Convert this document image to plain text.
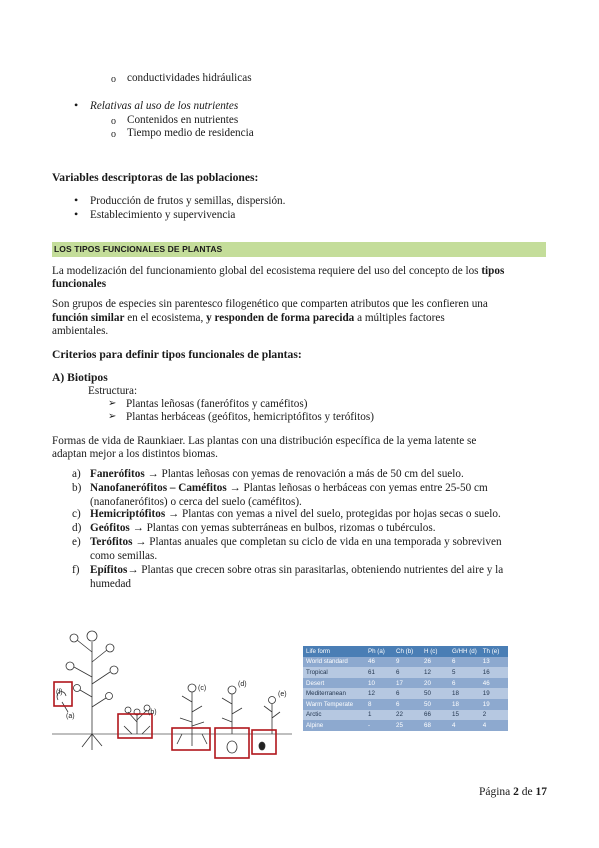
o conductividades hidráulicas
• Relativas al uso de los nutrientes
o Contenidos en nutrientes
o Tiempo medio de residencia
Variables descriptoras de las poblaciones:
• Producción de frutos y semillas, dispersión.
• Establecimiento y supervivencia
LOS TIPOS FUNCIONALES DE PLANTAS
La modelización del funcionamiento global del ecosistema requiere del uso del concepto de los tipos
funcionales
Son grupos de especies sin parentesco filogenético que comparten atributos que les confieren una
función similar en el ecosistema, y responden de forma parecida a múltiples factores
ambientales.
Criterios para definir tipos funcionales de plantas:
A) Biotipos
Estructura:
➢ Plantas leñosas (fanerófitos y caméfitos)
➢ Plantas herbáceas (geófitos, hemicriptófitos y terófitos)
Formas de vida de Raunkiaer. Las plantas con una distribución específica de la yema latente se
adaptan mejor a los distintos biomas.
a) Fanerófitos → Plantas leñosas con yemas de renovación a más de 50 cm del suelo.
b) Nanofanerófitos – Caméfitos → Plantas leñosas o herbáceas con yemas entre 25-50 cm
(nanofanerófitos) o cerca del suelo (caméfitos).
c) Hemicriptófitos → Plantas con yemas a nivel del suelo, protegidas por hojas secas o suelo.
d) Geófitos → Plantas con yemas subterráneas en bulbos, rizomas o tubérculos.
e) Terófitos → Plantas anuales que completan su ciclo de vida en una temporada y sobreviven
como semillas.
f) Epífitos→ Plantas que crecen sobre otras sin parasitarlas, obteniendo nutrientes del aire y la
humedad
(f)
(a)
(b)
(c)
(d)
(e)
Life form	Ph (a)	Ch (b)	H (c)	G/HH (d)	Th (e)
World standard	46	9	26	6	13
Tropical	61	6	12	5	16
Desert	10	17	20	6	46
Mediterranean	12	6	50	18	19
Warm Temperate	8	6	50	18	19
Arctic	1	22	66	15	2
Alpine	-	25	68	4	4
Página 2 de 17
